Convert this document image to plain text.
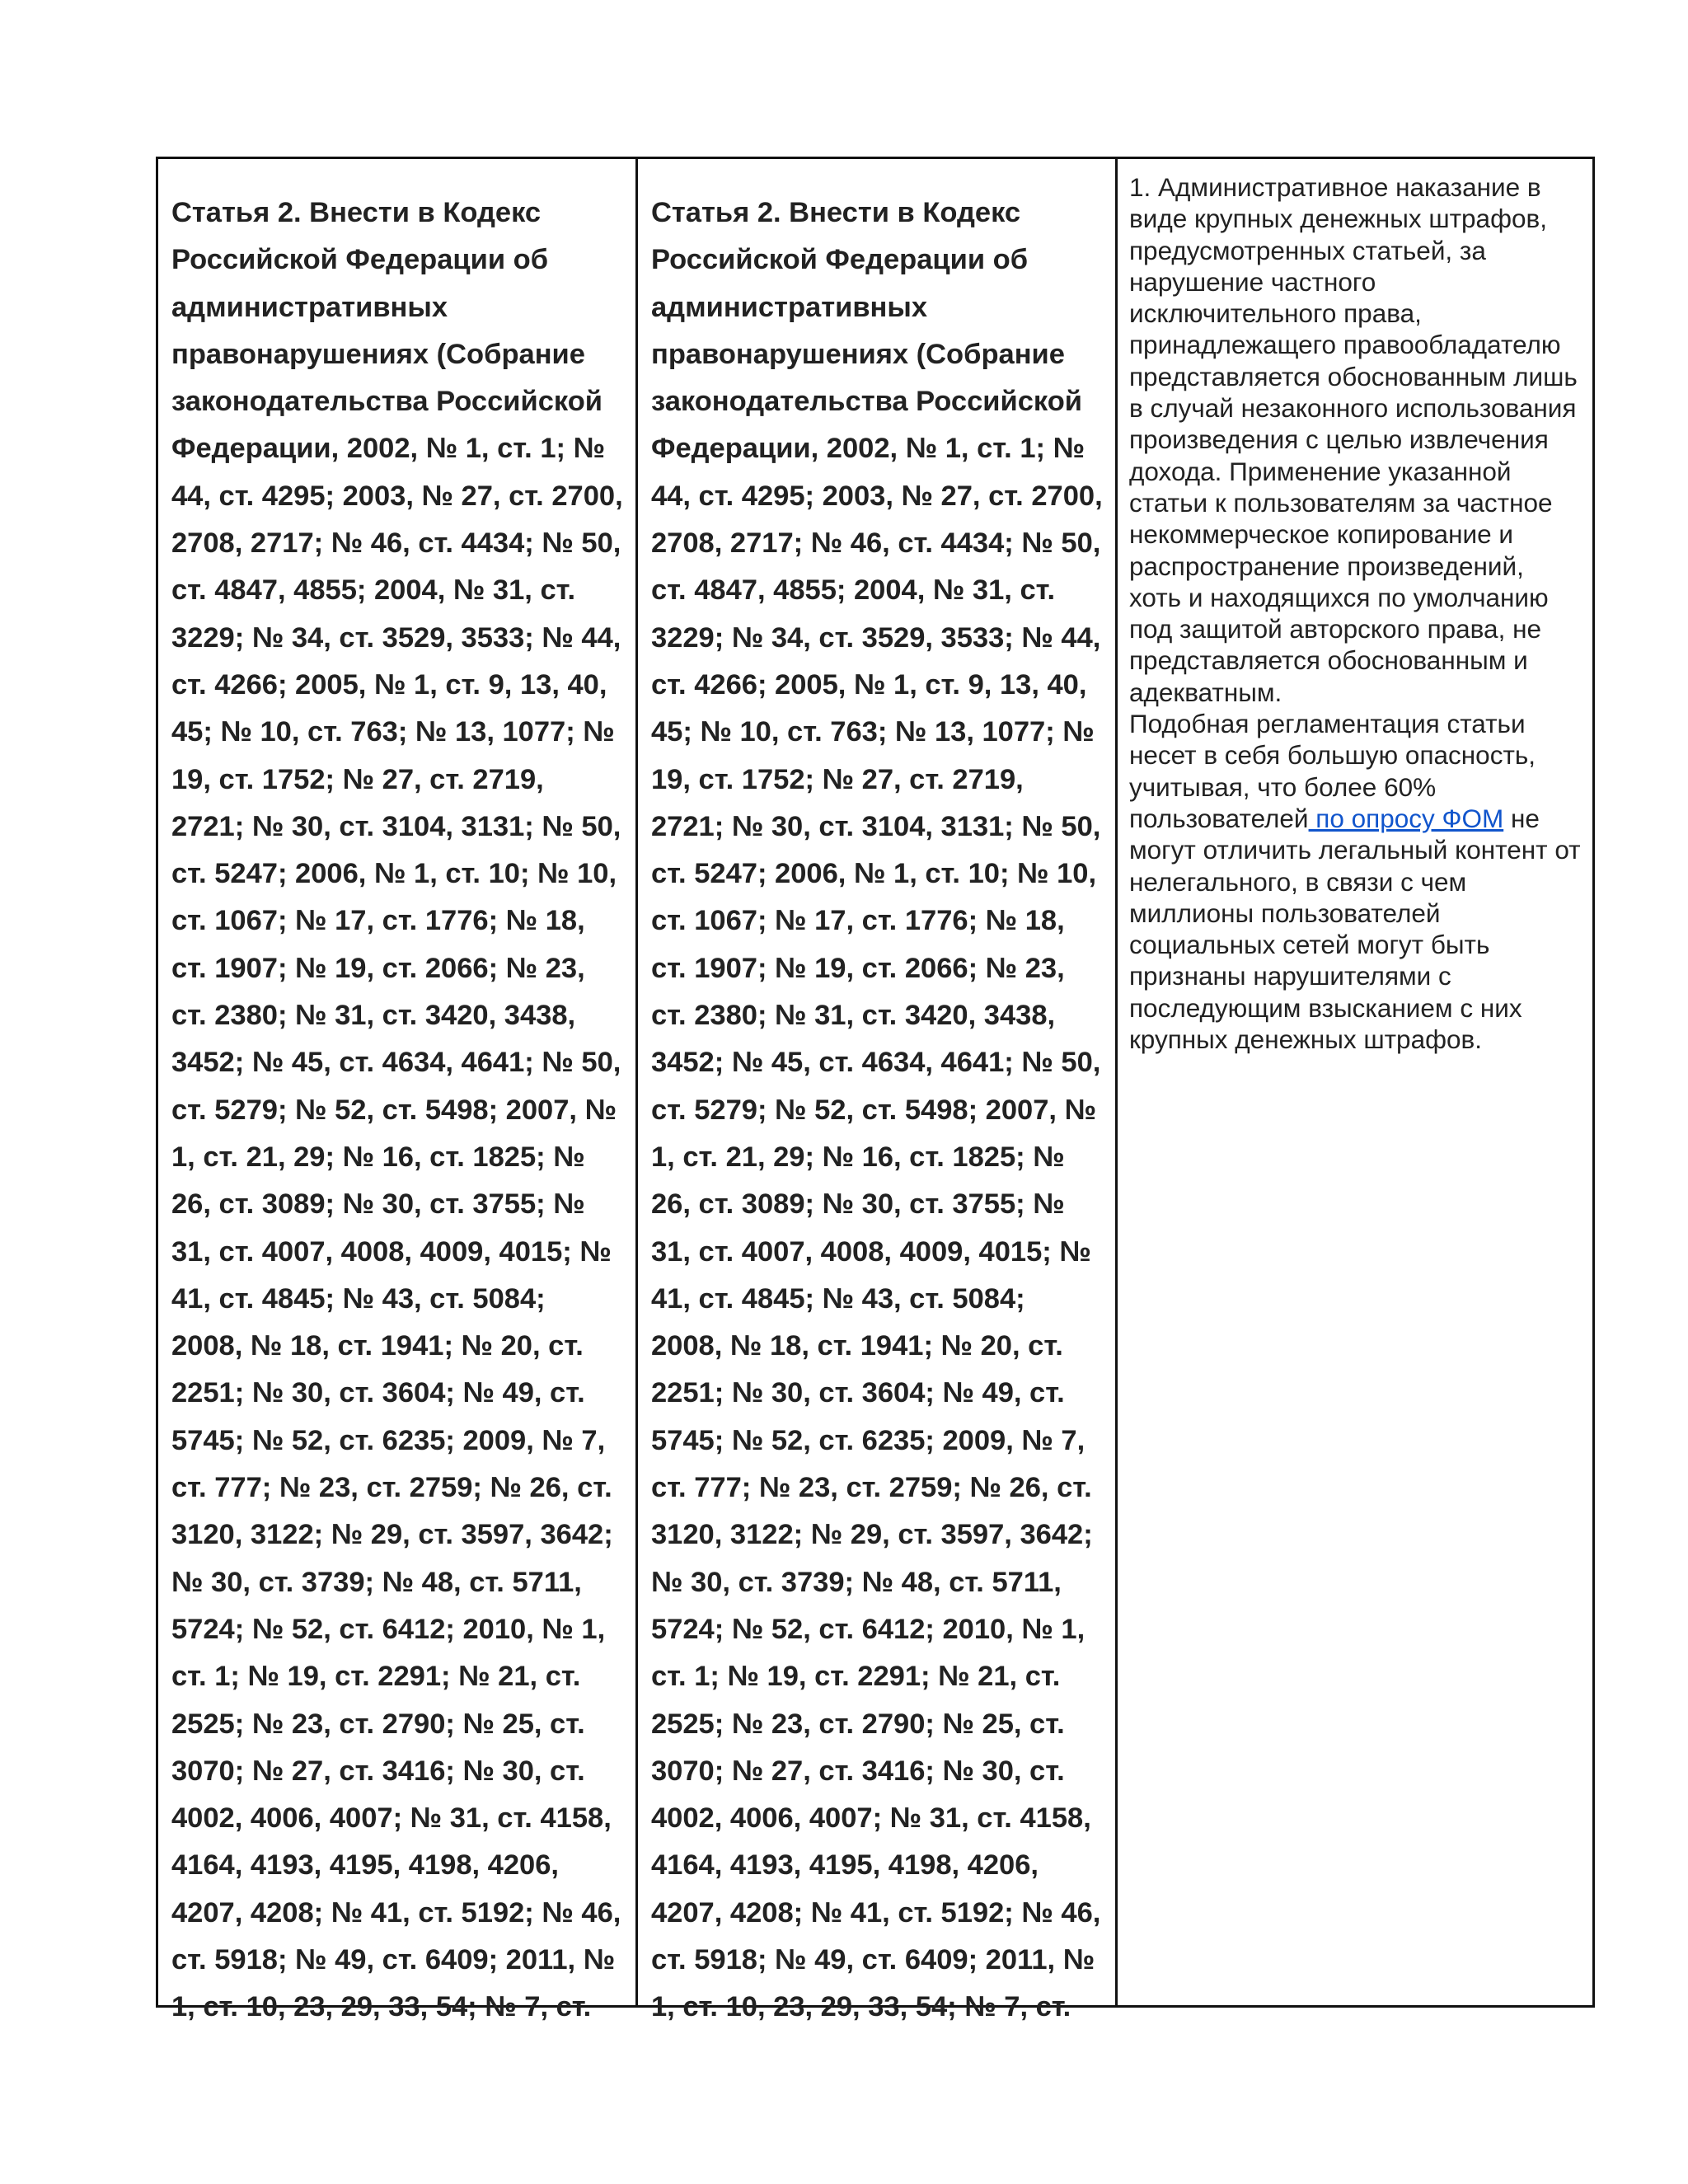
Статья 2. Внести в Кодекс Российской Федерации об административных правонарушениях (Собрание законодательства Российской Федерации, 2002, № 1, ст. 1; № 44, ст. 4295; 2003, № 27, ст. 2700, 2708, 2717; № 46, ст. 4434; № 50, ст. 4847, 4855; 2004, № 31, ст. 3229; № 34, ст. 3529, 3533; № 44, ст. 4266; 2005, № 1, ст. 9, 13, 40, 45; № 10, ст. 763; № 13, 1077; № 19, ст. 1752; № 27, ст. 2719, 2721; № 30, ст. 3104, 3131; № 50, ст. 5247; 2006, № 1, ст. 10; № 10, ст. 1067; № 17, ст. 1776; № 18, ст. 1907; № 19, ст. 2066; № 23, ст. 2380; № 31, ст. 3420, 3438, 3452; № 45, ст. 4634, 4641; № 50, ст. 5279; № 52, ст. 5498; 2007, № 1, ст. 21, 29; № 16, ст. 1825; № 26, ст. 3089; № 30, ст. 3755; № 31, ст. 4007, 4008, 4009, 4015; № 41, ст. 4845; № 43, ст. 5084; 2008, № 18, ст. 1941; № 20, ст. 2251; № 30, ст. 3604; № 49, ст. 5745; № 52, ст. 6235; 2009, № 7, ст. 777; № 23, ст. 2759; № 26, ст. 3120, 3122; № 29, ст. 3597, 3642; № 30, ст. 3739; № 48, ст. 5711, 5724; № 52, ст. 6412; 2010, № 1, ст. 1; № 19, ст. 2291; № 21, ст. 2525; № 23, ст. 2790; № 25, ст. 3070; № 27, ст. 3416; № 30, ст. 4002, 4006, 4007; № 31, ст. 4158, 4164, 4193, 4195, 4198, 4206, 4207, 4208; № 41, ст. 5192; № 46, ст. 5918; № 49, ст. 6409; 2011, № 1, ст. 10, 23, 29, 33, 54; № 7, ст.

Статья 2. Внести в Кодекс Российской Федерации об административных правонарушениях (Собрание законодательства Российской Федерации, 2002, № 1, ст. 1; № 44, ст. 4295; 2003, № 27, ст. 2700, 2708, 2717; № 46, ст. 4434; № 50, ст. 4847, 4855; 2004, № 31, ст. 3229; № 34, ст. 3529, 3533; № 44, ст. 4266; 2005, № 1, ст. 9, 13, 40, 45; № 10, ст. 763; № 13, 1077; № 19, ст. 1752; № 27, ст. 2719, 2721; № 30, ст. 3104, 3131; № 50, ст. 5247; 2006, № 1, ст. 10; № 10, ст. 1067; № 17, ст. 1776; № 18, ст. 1907; № 19, ст. 2066; № 23, ст. 2380; № 31, ст. 3420, 3438, 3452; № 45, ст. 4634, 4641; № 50, ст. 5279; № 52, ст. 5498; 2007, № 1, ст. 21, 29; № 16, ст. 1825; № 26, ст. 3089; № 30, ст. 3755; № 31, ст. 4007, 4008, 4009, 4015; № 41, ст. 4845; № 43, ст. 5084; 2008, № 18, ст. 1941; № 20, ст. 2251; № 30, ст. 3604; № 49, ст. 5745; № 52, ст. 6235; 2009, № 7, ст. 777; № 23, ст. 2759; № 26, ст. 3120, 3122; № 29, ст. 3597, 3642; № 30, ст. 3739; № 48, ст. 5711, 5724; № 52, ст. 6412; 2010, № 1, ст. 1; № 19, ст. 2291; № 21, ст. 2525; № 23, ст. 2790; № 25, ст. 3070; № 27, ст. 3416; № 30, ст. 4002, 4006, 4007; № 31, ст. 4158, 4164, 4193, 4195, 4198, 4206, 4207, 4208; № 41, ст. 5192; № 46, ст. 5918; № 49, ст. 6409; 2011, № 1, ст. 10, 23, 29, 33, 54; № 7, ст.

1. Административное наказание в виде крупных денежных штрафов, предусмотренных статьей, за нарушение частного исключительного права, принадлежащего правообладателю представляется обоснованным лишь в случай незаконного использования произведения с целью извлечения дохода. Применение указанной статьи к пользователям за частное некоммерческое копирование и распространение произведений, хоть и находящихся по умолчанию под защитой авторского права, не представляется обоснованным и адекватным.

Подобная регламентация статьи несет в себя большую опасность, учитывая, что более 60% пользователей по опросу ФОМ не могут отличить легальный контент от нелегального, в связи с чем миллионы пользователей социальных сетей могут быть признаны нарушителями с последующим взысканием с них крупных денежных штрафов.
